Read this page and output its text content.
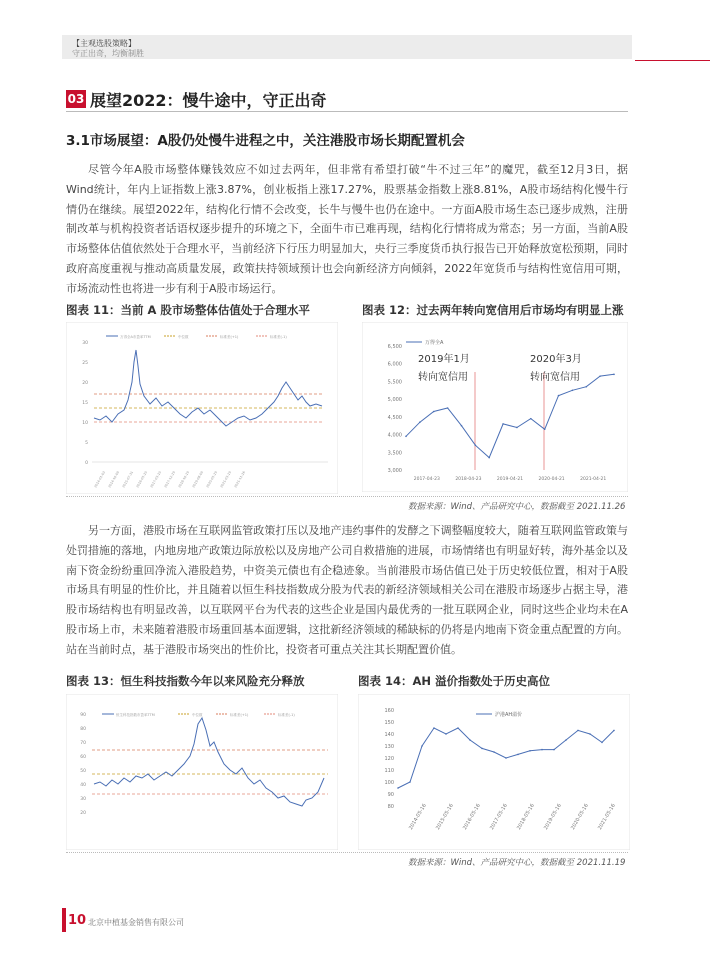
【主观选股策略】
守正出奇，均衡制胜
03 展望2022：慢牛途中，守正出奇
3.1市场展望：A股仍处慢牛进程之中，关注港股市场长期配置机会
尽管今年A股市场整体赚钱效应不如过去两年，但非常有希望打破“牛不过三年”的魔咒，截至12月3日，据Wind统计，年内上证指数上涨3.87%，创业板指上涨17.27%，股票基金指数上涨8.81%，A股市场结构化慢牛行情仍在继续。展望2022年，结构化行情不会改变，长牛与慢牛也仍在途中。一方面A股市场生态已逐步成熟，注册制改革与机构投资者话语权逐步提升的环境之下，全面牛市已难再现，结构化行情将成为常态；另一方面，当前A股市场整体估值依然处于合理水平，当前经济下行压力明显加大，央行三季度货币执行报告已开始释放宽松预期，同时政府高度重视与推动高质量发展，政策扶持领域预计也会向新经济方向倾斜，2022年宽货币与结构性宽信用可期，市场流动性也将进一步有利于A股市场运行。
图表 11：当前 A 股市场整体估值处于合理水平
30
25
20
15
10
5
0
万得全A市盈率TTM	中位数	标准差(+1)	标准差(-1)
2014-01-03 2014-10-09 2015-07-31 2016-05-20 2017-03-10 2017-12-29 2018-10-19 2019-08-09 2020-05-29 2021-03-19 2021-11-26
图表 12：过去两年转向宽信用后市场均有明显上涨
3,000
3,500
4,000
4,500
5,000
5,500
6,000
6,500
2017-04-23	2018-04-23	2019-04-21	2020-04-21	2021-04-21
万得全A
2019年1月
转向宽信用
2020年3月
转向宽信用
数据来源：Wind、产品研究中心，数据截至 2021.11.26
另一方面，港股市场在互联网监管政策打压以及地产违约事件的发酵之下调整幅度较大，随着互联网监管政策与处罚措施的落地，内地房地产政策边际放松以及房地产公司自救措施的进展，市场情绪也有明显好转，海外基金以及南下资金纷纷重回净流入港股趋势，中资美元债也有企稳迹象。当前港股市场估值已处于历史较低位置，相对于A股市场具有明显的性价比，并且随着以恒生科技指数成分股为代表的新经济领域相关公司在港股市场逐步占据主导，港股市场结构也有明显改善，以互联网平台为代表的这些企业是国内最优秀的一批互联网企业，同时这些企业均未在A股市场上市，未来随着港股市场重回基本面逻辑，这批新经济领域的稀缺标的仍将是内地南下资金重点配置的方向。站在当前时点，基于港股市场突出的性价比，投资者可重点关注其长期配置价值。
图表 13：恒生科技指数今年以来风险充分释放
90
80
70
60
50
40
30
20
恒生科技指数市盈率TTM	中位数	标准差(+1)	标准差(-1)
图表 14：AH 溢价指数处于历史高位
80
90
100
110
120
130
140
150
160
2014-05-16 2015-05-16 2016-05-16 2017-05-16 2018-05-16 2019-05-16 2020-05-16 2021-05-16
沪港AH溢价
数据来源：Wind、产品研究中心，数据截至 2021.11.19
10 北京中植基金销售有限公司
